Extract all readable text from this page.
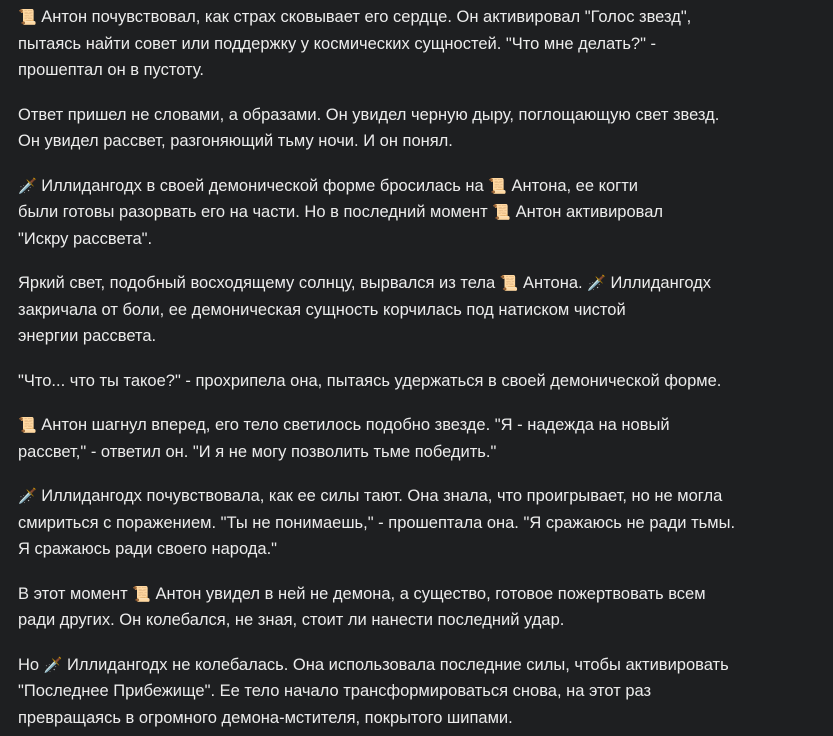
📜 Антон почувствовал, как страх сковывает его сердце. Он активировал "Голос звезд",
пытаясь найти совет или поддержку у космических сущностей. "Что мне делать?" -
прошептал он в пустоту.

Ответ пришел не словами, а образами. Он увидел черную дыру, поглощающую свет звезд.
Он увидел рассвет, разгоняющий тьму ночи. И он понял.

🗡️ Иллидангодх в своей демонической форме бросилась на 📜 Антона, ее когти
были готовы разорвать его на части. Но в последний момент 📜 Антон активировал
"Искру рассвета".

Яркий свет, подобный восходящему солнцу, вырвался из тела 📜 Антона. 🗡️ Иллидангодх
закричала от боли, ее демоническая сущность корчилась под натиском чистой
энергии рассвета.

"Что... что ты такое?" - прохрипела она, пытаясь удержаться в своей демонической форме.

📜 Антон шагнул вперед, его тело светилось подобно звезде. "Я - надежда на новый
рассвет," - ответил он. "И я не могу позволить тьме победить."

🗡️ Иллидангодх почувствовала, как ее силы тают. Она знала, что проигрывает, но не могла
смириться с поражением. "Ты не понимаешь," - прошептала она. "Я сражаюсь не ради тьмы.
Я сражаюсь ради своего народа."

В этот момент 📜 Антон увидел в ней не демона, а существо, готовое пожертвовать всем
ради других. Он колебался, не зная, стоит ли нанести последний удар.

Но 🗡️ Иллидангодх не колебалась. Она использовала последние силы, чтобы активировать
"Последнее Прибежище". Ее тело начало трансформироваться снова, на этот раз
превращаясь в огромного демона-мстителя, покрытого шипами.
